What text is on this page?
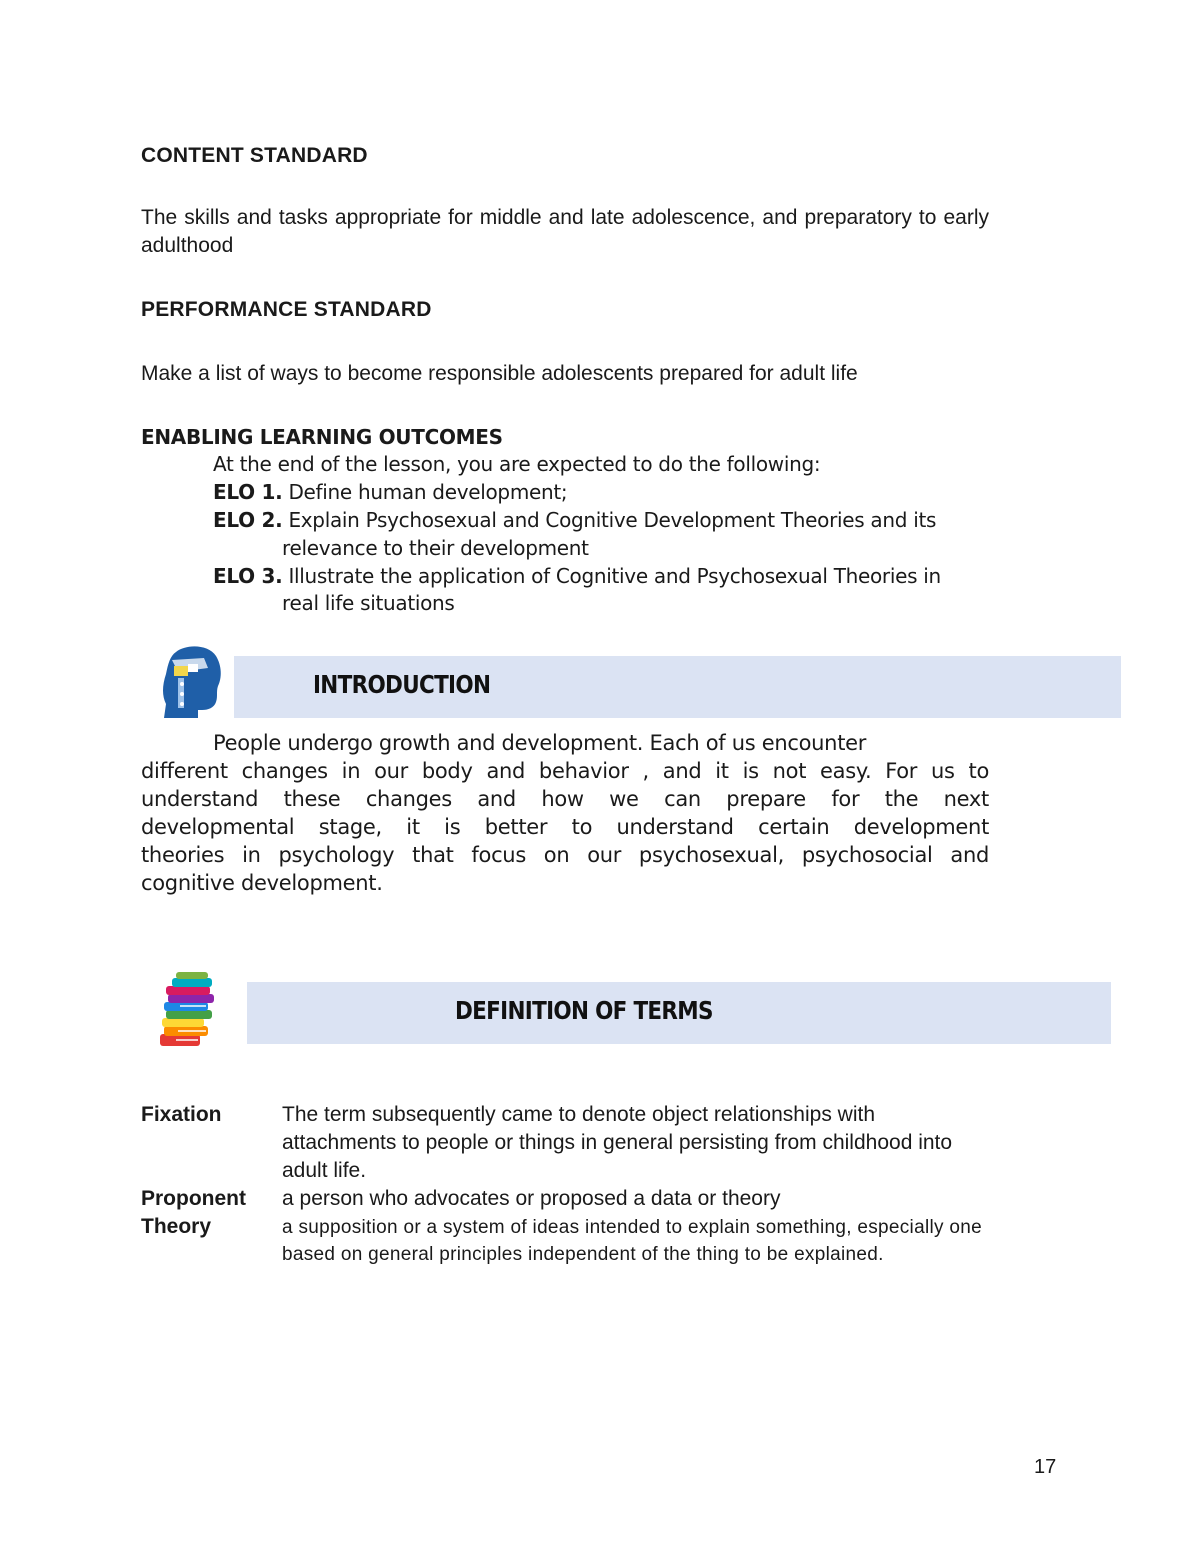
CONTENT STANDARD
The skills and tasks appropriate for middle and late adolescence, and preparatory to early adulthood
PERFORMANCE STANDARD
Make a list of ways to become responsible adolescents prepared for adult life
ENABLING LEARNING OUTCOMES
At the end of the lesson, you are expected to do the following:
ELO 1. Define human development;
ELO 2. Explain Psychosexual and Cognitive Development Theories and its
relevance to their development
ELO 3. Illustrate the application of Cognitive and Psychosexual Theories in
real life situations
INTRODUCTION
People undergo growth and development. Each of us encounter
different changes in our body and behavior , and it is not easy. For us to
understand these changes and how we can prepare for the next
developmental stage, it is better to understand certain development
theories in psychology that focus on our psychosexual, psychosocial and
cognitive development.
DEFINITION OF TERMS
Fixation	The term subsequently came to denote object relationships with
attachments to people or things in general persisting from childhood into
adult life.
Proponent a person who advocates or proposed a data or theory
Theory	a supposition or a system of ideas intended to explain something, especially one
based on general principles independent of the thing to be explained.
17
